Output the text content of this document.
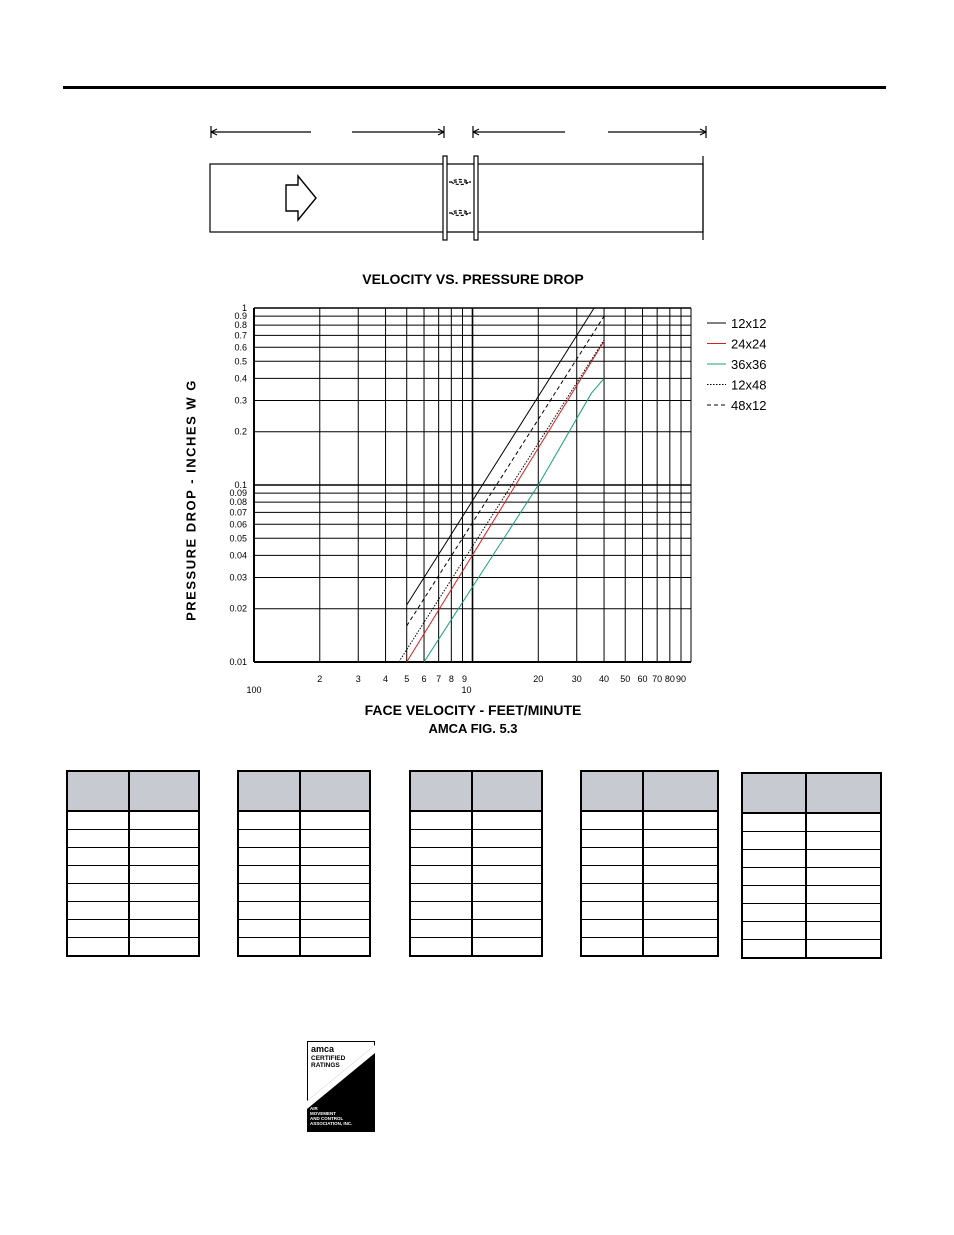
VELOCITY VS. PRESSURE DROP
1
0.9
0.8
0.7
0.6
0.5
0.4
0.3
0.2
0.1
0.09
0.08
0.07
0.06
0.05
0.04
0.03
0.02
0.01
100
2	3 4 5 6 7 8 9
10
20	30 40 50 60 70 80 90
12x12
24x24
36x36
12x48
48x12
PRESSURE DROP - INCHES W G
FACE VELOCITY - FEET/MINUTE
AMCA FIG. 5.3

amca
CERTIFIED
RATINGS
AIR
PERFORMANCE
AIR
MOVEMENT
AND CONTROL
ASSOCIATION, INC.
